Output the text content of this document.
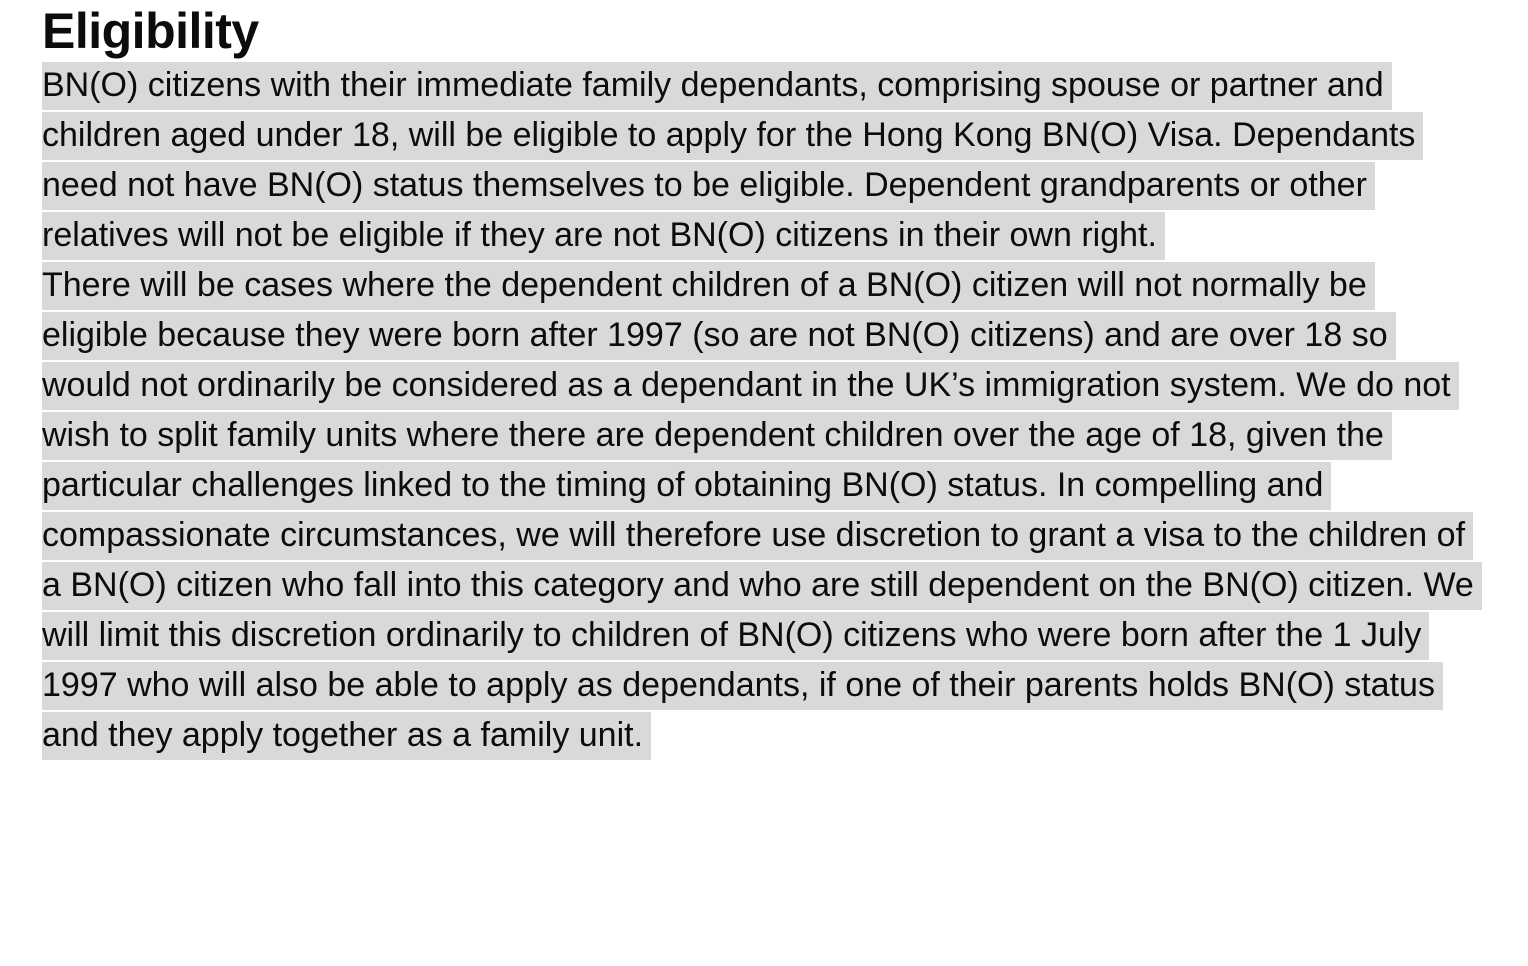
Eligibility

BN(O) citizens with their immediate family dependants, comprising spouse or partner and children aged under 18, will be eligible to apply for the Hong Kong BN(O) Visa. Dependants need not have BN(O) status themselves to be eligible. Dependent grandparents or other relatives will not be eligible if they are not BN(O) citizens in their own right.

There will be cases where the dependent children of a BN(O) citizen will not normally be eligible because they were born after 1997 (so are not BN(O) citizens) and are over 18 so would not ordinarily be considered as a dependant in the UK’s immigration system. We do not wish to split family units where there are dependent children over the age of 18, given the particular challenges linked to the timing of obtaining BN(O) status. In compelling and compassionate circumstances, we will therefore use discretion to grant a visa to the children of a BN(O) citizen who fall into this category and who are still dependent on the BN(O) citizen. We will limit this discretion ordinarily to children of BN(O) citizens who were born after the 1 July 1997 who will also be able to apply as dependants, if one of their parents holds BN(O) status and they apply together as a family unit.
